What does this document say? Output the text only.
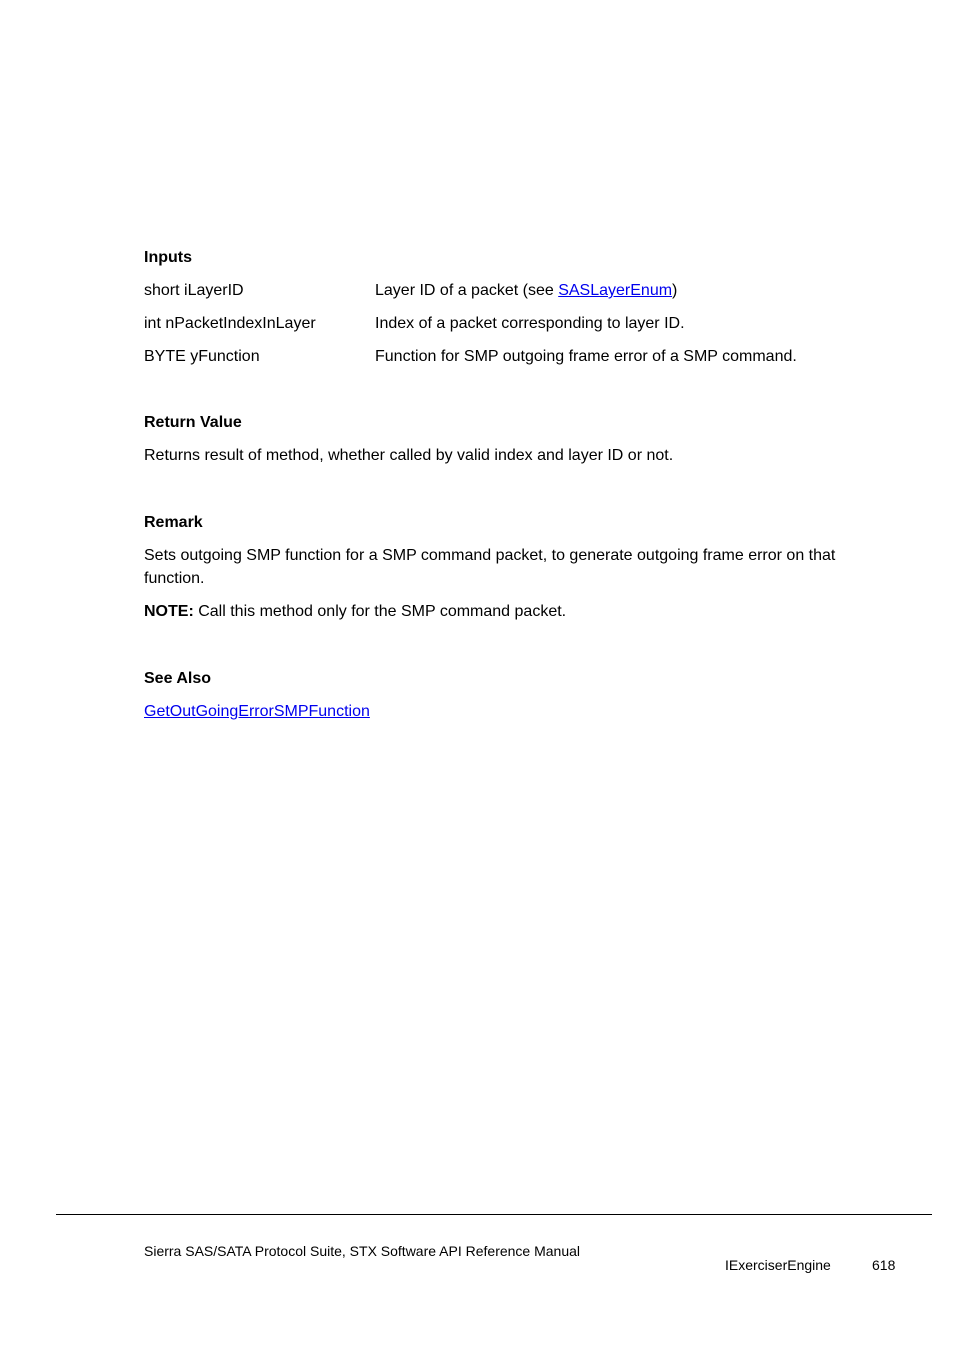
Inputs
short iLayerID	Layer ID of a packet (see SASLayerEnum)
int nPacketIndexInLayer	Index of a packet corresponding to layer ID.
BYTE yFunction	Function for SMP outgoing frame error of a SMP command.
Return Value
Returns result of method, whether called by valid index and layer ID or not.
Remark
Sets outgoing SMP function for a SMP command packet, to generate outgoing frame error on that function.
NOTE: Call this method only for the SMP command packet.
See Also
GetOutGoingErrorSMPFunction
Sierra SAS/SATA Protocol Suite, STX Software API Reference Manual
IExerciserEngine	618
